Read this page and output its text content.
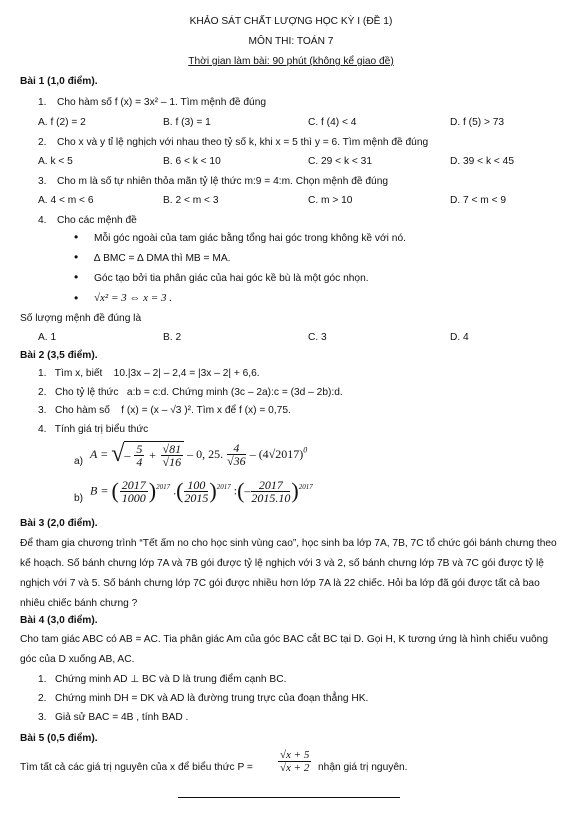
KHẢO SÁT CHẤT LƯỢNG HỌC KỲ I (ĐỀ 1)
MÔN THI: TOÁN 7
Thời gian làm bài: 90 phút (không kể giao đề)
Bài 1 (1,0 điểm).
1. Cho hàm số f (x) = 3x² – 1. Tìm mệnh đề đúng
A. f (2) = 2	B. f (3) = 1	C. f (4) < 4	D. f (5) > 73
2. Cho x và y tỉ lệ nghịch với nhau theo tỷ số k, khi x = 5 thì y = 6. Tìm mệnh đề đúng
A. k < 5	B. 6 < k < 10	C. 29 < k < 31	D. 39 < k < 45
3. Cho m là số tự nhiên thỏa mãn tỷ lệ thức m:9 = 4:m. Chọn mệnh đề đúng
A. 4 < m < 6	B. 2 < m < 3	C. m > 10	D. 7 < m < 9
4. Cho các mệnh đề
• Mỗi góc ngoài của tam giác bằng tổng hai góc trong không kề với nó.
• ∆ BMC = ∆ DMA thì MB = MA.
• Góc tạo bởi tia phân giác của hai góc kề bù là một góc nhọn.
• √x² = 3 ⇔ x = 3 .
Số lượng mệnh đề đúng là
A. 1	B. 2	C. 3	D. 4
Bài 2 (3,5 điểm).
1.   Tìm x, biết    10.|3x – 2| – 2,4 = |3x – 2| + 6,6.
2.   Cho tỷ lệ thức   a:b = c:d. Chứng minh (3c – 2a):c = (3d – 2b):d.
3.   Cho hàm số    f (x) = (x – √3 )². Tìm x để f (x) = 0,75.
4.   Tính giá trị biểu thức
a)
A = √– $\frac{5}{4} + \frac{√81}{√16} - 0$, 25. $\frac{4}{√36} - (4√2017)^0$
b)
B = ( $\frac{2017}{1000} )^{2017}$ .( $\frac{100}{2015} )^{2017}$ :(– $\frac{2017}{2015.10} )^{2017}$
Bài 3 (2,0 điểm).
Để tham gia chương trình “Tết ấm no cho học sinh vùng cao”, học sinh ba lớp 7A, 7B, 7C tổ chức gói bánh chưng theo kế hoạch. Số bánh chưng lớp 7A và 7B gói được tỷ lệ nghịch với 3 và 2, số bánh chưng lớp 7B và 7C gói được tỷ lệ nghịch với 7 và 5. Số bánh chưng lớp 7C gói được nhiều hơn lớp 7A là 22 chiếc. Hỏi ba lớp đã gói được tất cả bao nhiêu chiếc bánh chưng ?
Bài 4 (3,0 điểm).
Cho tam giác ABC có AB = AC. Tia phân giác Am của góc BAC cắt BC tại D. Gọi H, K tương ứng là hình chiếu vuông góc của D xuống AB, AC.
1.   Chứng minh AD ⊥ BC và D là trung điểm cạnh BC.
2.   Chứng minh DH = DK và AD là đường trung trực của đoạn thẳng HK.
3.   Giả sử BAC = 4B , tính BAD .
Bài 5 (0,5 điểm).
Tìm tất cả các giá trị nguyên của x để biểu thức $P = \frac{√x + 5}{√x + 2}$ nhận giá trị nguyên.
